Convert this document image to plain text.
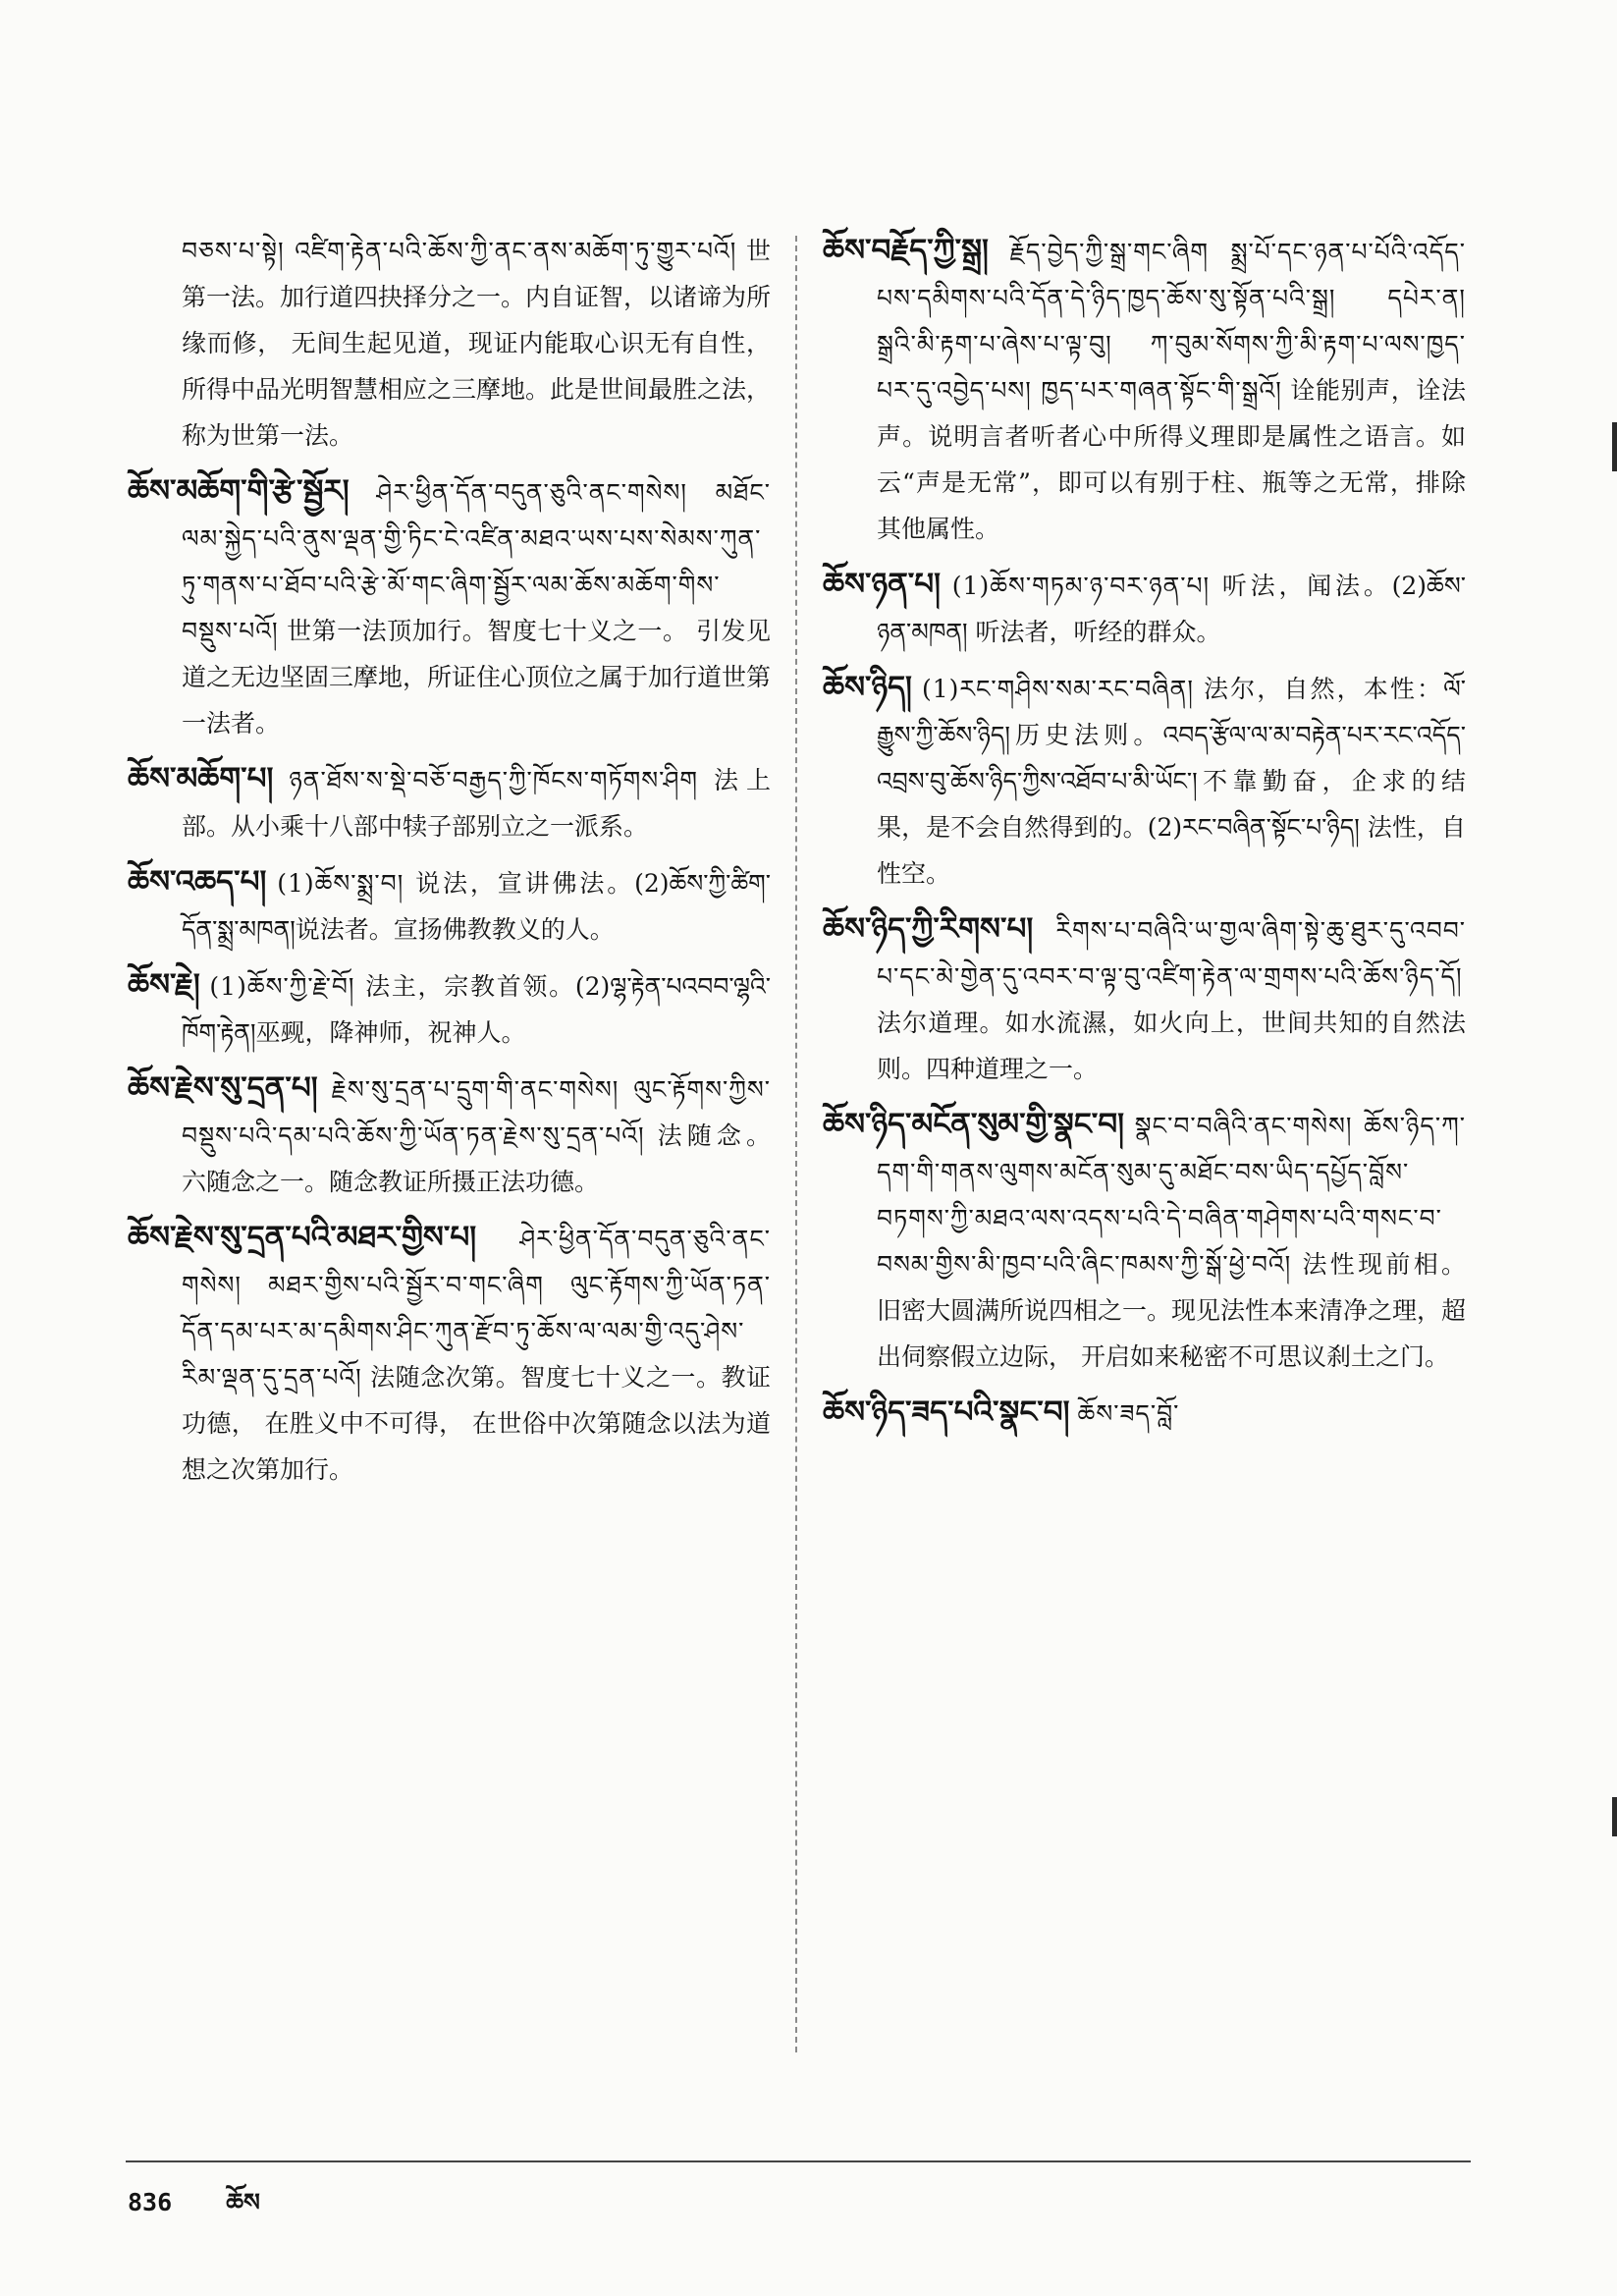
བཅས་པ་སྟེ། འཛིག་རྟེན་པའི་ཆོས་ཀྱི་ནང་ནས་མཆོག་ཏུ་གྱུར་པའོ། 世第一法。加行道四抉择分之一。内自证智，以诸谛为所缘而修， 无间生起见道，现证内能取心识无有自性， 所得中品光明智慧相应之三摩地。此是世间最胜之法，称为世第一法。

ཆོས་མཆོག་གི་རྩེ་སྦྱོར། ཤེར་ཕྱིན་དོན་བདུན་ཅུའི་ནང་གསེས། མཐོང་ལམ་སྐྱེད་པའི་ནུས་ལྡན་གྱི་ཏིང་ངེ་འཛིན་མཐའ་ཡས་པས་སེམས་ཀུན་ཏུ་གནས་པ་ཐོབ་པའི་རྩེ་མོ་གང་ཞིག་སྦྱོར་ལམ་ཆོས་མཆོག་གིས་བསྡུས་པའོ། 世第一法顶加行。智度七十义之一。 引发见道之无边坚固三摩地，所证住心顶位之属于加行道世第一法者。

ཆོས་མཆོག་པ། ཉན་ཐོས་ས་སྡེ་བཅོ་བརྒྱད་ཀྱི་ཁོངས་གཏོགས་ཤིག 法上部。从小乘十八部中犊子部别立之一派系。

ཆོས་འཆད་པ། (1)ཆོས་སྨྲ་བ། 说法，宣讲佛法。(2)ཆོས་ཀྱི་ཚིག་དོན་སྨྲ་མཁན།说法者。宣扬佛教教义的人。

ཆོས་རྗེ། (1)ཆོས་ཀྱི་རྗེ་བོ། 法主，宗教首领。(2)ལྷ་རྟེན་པའབབ་ལྷའི་ཁོག་རྟེན།巫觋，降神师，祝神人。

ཆོས་རྗེས་སུ་དྲན་པ། རྗེས་སུ་དྲན་པ་དྲུག་གི་ནང་གསེས། ལུང་རྟོགས་ཀྱིས་བསྡུས་པའི་དམ་པའི་ཆོས་ཀྱི་ཡོན་ཏན་རྗེས་སུ་དྲན་པའོ། 法随念。六随念之一。随念教证所摄正法功德。

ཆོས་རྗེས་སུ་དྲན་པའི་མཐར་གྱིས་པ། ཤེར་ཕྱིན་དོན་བདུན་ཅུའི་ནང་གསེས། མཐར་གྱིས་པའི་སྦྱོར་བ་གང་ཞིག ལུང་རྟོགས་ཀྱི་ཡོན་ཏན་དོན་དམ་པར་མ་དམིགས་ཤིང་ཀུན་རྫོབ་ཏུ་ཆོས་ལ་ལམ་གྱི་འདུ་ཤེས་རིམ་ལྡན་དུ་དྲན་པའོ། 法随念次第。智度七十义之一。教证功德， 在胜义中不可得， 在世俗中次第随念以法为道想之次第加行。

ཆོས་བརྗོད་ཀྱི་སྒྲ། རྗོད་བྱེད་ཀྱི་སྒྲ་གང་ཞིག སྨྲ་པོ་དང་ཉན་པ་པོའི་འདོད་པས་དམིགས་པའི་དོན་དེ་ཉིད་ཁྱད་ཆོས་སུ་སྟོན་པའི་སྒྲ། དཔེར་ན། སྒྲའི་མི་རྟག་པ་ཞེས་པ་ལྟ་བུ། ཀ་བུམ་སོགས་ཀྱི་མི་རྟག་པ་ལས་ཁྱད་པར་དུ་འབྱེད་པས། ཁྱད་པར་གཞན་སྟོང་གི་སྒྲའོ། 诠能别声，诠法声。说明言者听者心中所得义理即是属性之语言。如云“声是无常”，即可以有别于柱、瓶等之无常，排除其他属性。

ཆོས་ཉན་པ། (1)ཆོས་གཏམ་ཉ་བར་ཉན་པ། 听法，闻法。(2)ཆོས་ཉན་མཁན། 听法者，听经的群众。

ཆོས་ཉིད། (1)རང་གཤིས་སམ་རང་བཞིན། 法尔，自然，本性：ལོ་རྒྱུས་ཀྱི་ཆོས་ཉིད།历史法则。འབད་རྩོལ་ལ་མ་བརྟེན་པར་རང་འདོད་འབྲས་བུ་ཆོས་ཉིད་ཀྱིས་འཐོབ་པ་མི་ཡོང་།不靠勤奋，企求的结果，是不会自然得到的。(2)རང་བཞིན་སྟོང་པ་ཉིད། 法性，自性空。

ཆོས་ཉིད་ཀྱི་རིགས་པ། རིགས་པ་བཞིའི་ཡ་གྱལ་ཞིག་སྟེ་ཆུ་ཐུར་དུ་འབབ་པ་དང་མེ་གྱེན་དུ་འབར་བ་ལྟ་བུ་འཛིག་རྟེན་ལ་གྲགས་པའི་ཆོས་ཉིད་དོ། 法尔道理。如水流濕，如火向上，世间共知的自然法则。四种道理之一。

ཆོས་ཉིད་མངོན་སུམ་གྱི་སྣང་བ། སྣང་བ་བཞིའི་ནང་གསེས། ཆོས་ཉིད་ཀ་དག་གི་གནས་ལུགས་མངོན་སུམ་དུ་མཐོང་བས་ཡིད་དཔྱོད་བློས་བཏགས་ཀྱི་མཐའ་ལས་འདས་པའི་དེ་བཞིན་གཤེགས་པའི་གསང་བ་བསམ་གྱིས་མི་ཁྱབ་པའི་ཞིང་ཁམས་ཀྱི་སྒོ་ཕྱེ་བའོ། 法性现前相。旧密大圆满所说四相之一。现见法性本来清净之理，超出伺察假立边际， 开启如来秘密不可思议刹土之门。

ཆོས་ཉིད་ཟད་པའི་སྣང་བ། ཆོས་ཟད་བློ་

836 ཆོས
